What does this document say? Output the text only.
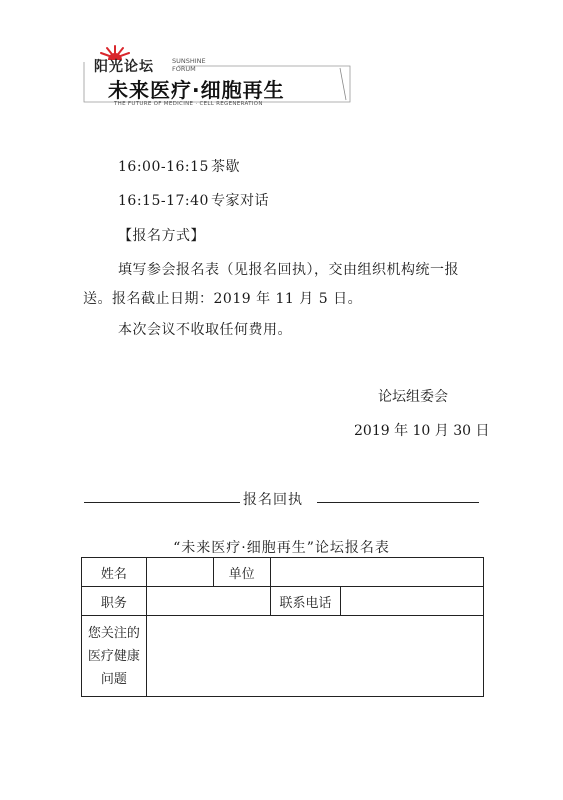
阳光论坛	SUNSHINE FORUM
未来医疗·细胞再生
THE FUTURE OF MEDICINE · CELL REGENERATION
16:00-16:15 茶歇
16:15-17:40 专家对话
【报名方式】
填写参会报名表（见报名回执），交由组织机构统一报
送。报名截止日期：2019 年 11 月 5 日。
本次会议不收取任何费用。
论坛组委会
2019 年 10 月 30 日
报名回执
“未来医疗·细胞再生”论坛报名表
姓名		单位		
职务			联系电话	

您关注的
医疗健康
问题				
